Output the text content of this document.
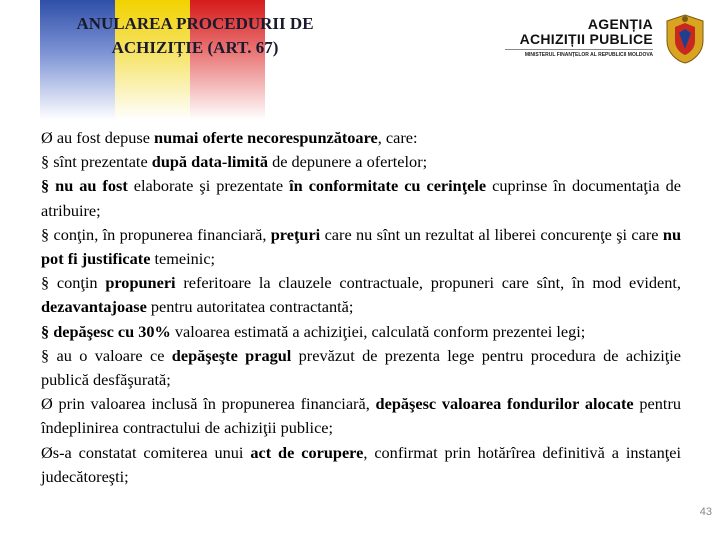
ANULAREA PROCEDURII DE
ACHIZIȚIE (ART. 67)
AGENȚIA
ACHIZIȚII PUBLICE
MINISTERUL FINANȚELOR AL REPUBLICII MOLDOVA

Ø au fost depuse numai oferte necorespunzătoare, care:

§ sînt prezentate după data-limită de depunere a ofertelor;

§ nu au fost elaborate şi prezentate în conformitate cu cerinţele cuprinse în documentaţia de atribuire;

§ conţin, în propunerea financiară, preţuri care nu sînt un rezultat al liberei concurenţe şi care nu pot fi justificate temeinic;

§ conţin propuneri referitoare la clauzele contractuale, propuneri care sînt, în mod evident, dezavantajoase pentru autoritatea contractantă;

§ depăşesc cu 30% valoarea estimată a achiziţiei, calculată conform prezentei legi;

§ au o valoare ce depăşeşte pragul prevăzut de prezenta lege pentru procedura de achiziţie publică desfăşurată;

Ø prin valoarea inclusă în propunerea financiară, depăşesc valoarea fondurilor alocate pentru îndeplinirea contractului de achiziţii publice;

Øs-a constatat comiterea unui act de corupere, confirmat prin hotărîrea definitivă a instanţei judecătoreşti;

43
